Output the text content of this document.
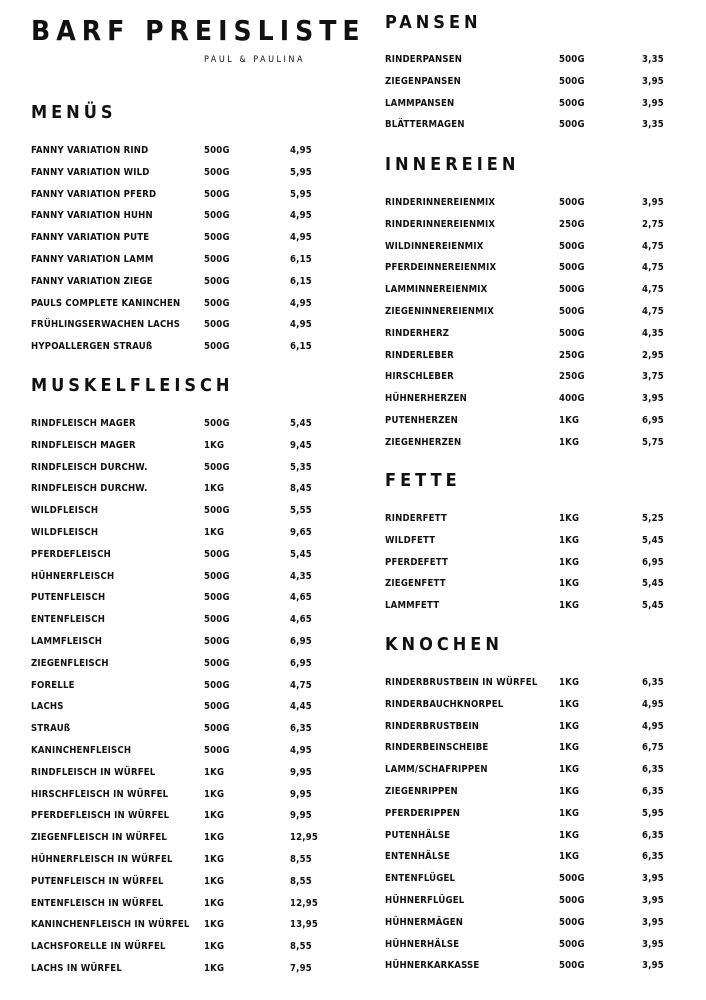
BARF PREISLISTE
PAUL & PAULINA
MENÜS
FANNY VARIATION RIND	500G	4,95
FANNY VARIATION WILD	500G	5,95
FANNY VARIATION PFERD	500G	5,95
FANNY VARIATION HUHN	500G	4,95
FANNY VARIATION PUTE	500G	4,95
FANNY VARIATION LAMM	500G	6,15
FANNY VARIATION ZIEGE	500G	6,15
PAULS COMPLETE KANINCHEN 500G	4,95
FRÜHLINGSERWACHEN LACHS	500G	4,95
HYPOALLERGEN STRAUß	500G	6,15
MUSKELFLEISCH
RINDFLEISCH MAGER	500G	5,45
RINDFLEISCH MAGER	1KG	9,45
RINDFLEISCH DURCHW.	500G	5,35
RINDFLEISCH DURCHW.	1KG	8,45
WILDFLEISCH	500G	5,55
WILDFLEISCH	1KG	9,65
PFERDEFLEISCH	500G	5,45
HÜHNERFLEISCH	500G	4,35
PUTENFLEISCH	500G	4,65
ENTENFLEISCH	500G	4,65
LAMMFLEISCH	500G	6,95
ZIEGENFLEISCH	500G	6,95
FORELLE	500G	4,75
LACHS	500G	4,45
STRAUß	500G	6,35
KANINCHENFLEISCH	500G	4,95
RINDFLEISCH IN WÜRFEL	1KG	9,95
HIRSCHFLEISCH IN WÜRFEL	1KG	9,95
PFERDEFLEISCH IN WÜRFEL	1KG	9,95
ZIEGENFLEISCH IN WÜRFEL	1KG	12,95
HÜHNERFLEISCH IN WÜRFEL	1KG	8,55
PUTENFLEISCH IN WÜRFEL	1KG	8,55
ENTENFLEISCH IN WÜRFEL	1KG	12,95
KANINCHENFLEISCH IN WÜRFEL 1KG	13,95
LACHSFORELLE IN WÜRFEL	1KG	8,55
LACHS IN WÜRFEL	1KG	7,95
PANSEN
RINDERPANSEN	500G	3,35
ZIEGENPANSEN	500G	3,95
LAMMPANSEN	500G	3,95
BLÄTTERMAGEN	500G	3,35
INNEREIEN
RINDERINNEREIENMIX	500G	3,95
RINDERINNEREIENMIX	250G	2,75
WILDINNEREIENMIX	500G	4,75
PFERDEINNEREIENMIX	500G	4,75
LAMMINNEREIENMIX	500G	4,75
ZIEGENINNEREIENMIX	500G	4,75
RINDERHERZ	500G	4,35
RINDERLEBER	250G	2,95
HIRSCHLEBER	250G	3,75
HÜHNERHERZEN	400G	3,95
PUTENHERZEN	1KG	6,95
ZIEGENHERZEN	1KG	5,75
FETTE
RINDERFETT	1KG	5,25
WILDFETT	1KG	5,45
PFERDEFETT	1KG	6,95
ZIEGENFETT	1KG	5,45
LAMMFETT	1KG	5,45
KNOCHEN
RINDERBRUSTBEIN IN WÜRFEL 1KG	6,35
RINDERBAUCHKNORPEL	1KG	4,95
RINDERBRUSTBEIN	1KG	4,95
RINDERBEINSCHEIBE	1KG	6,75
LAMM/SCHAFRIPPEN	1KG	6,35
ZIEGENRIPPEN	1KG	6,35
PFERDERIPPEN	1KG	5,95
PUTENHÄLSE	1KG	6,35
ENTENHÄLSE	1KG	6,35
ENTENFLÜGEL	500G	3,95
HÜHNERFLÜGEL	500G	3,95
HÜHNERMÄGEN	500G	3,95
HÜHNERHÄLSE	500G	3,95
HÜHNERKARKASSE	500G	3,95
